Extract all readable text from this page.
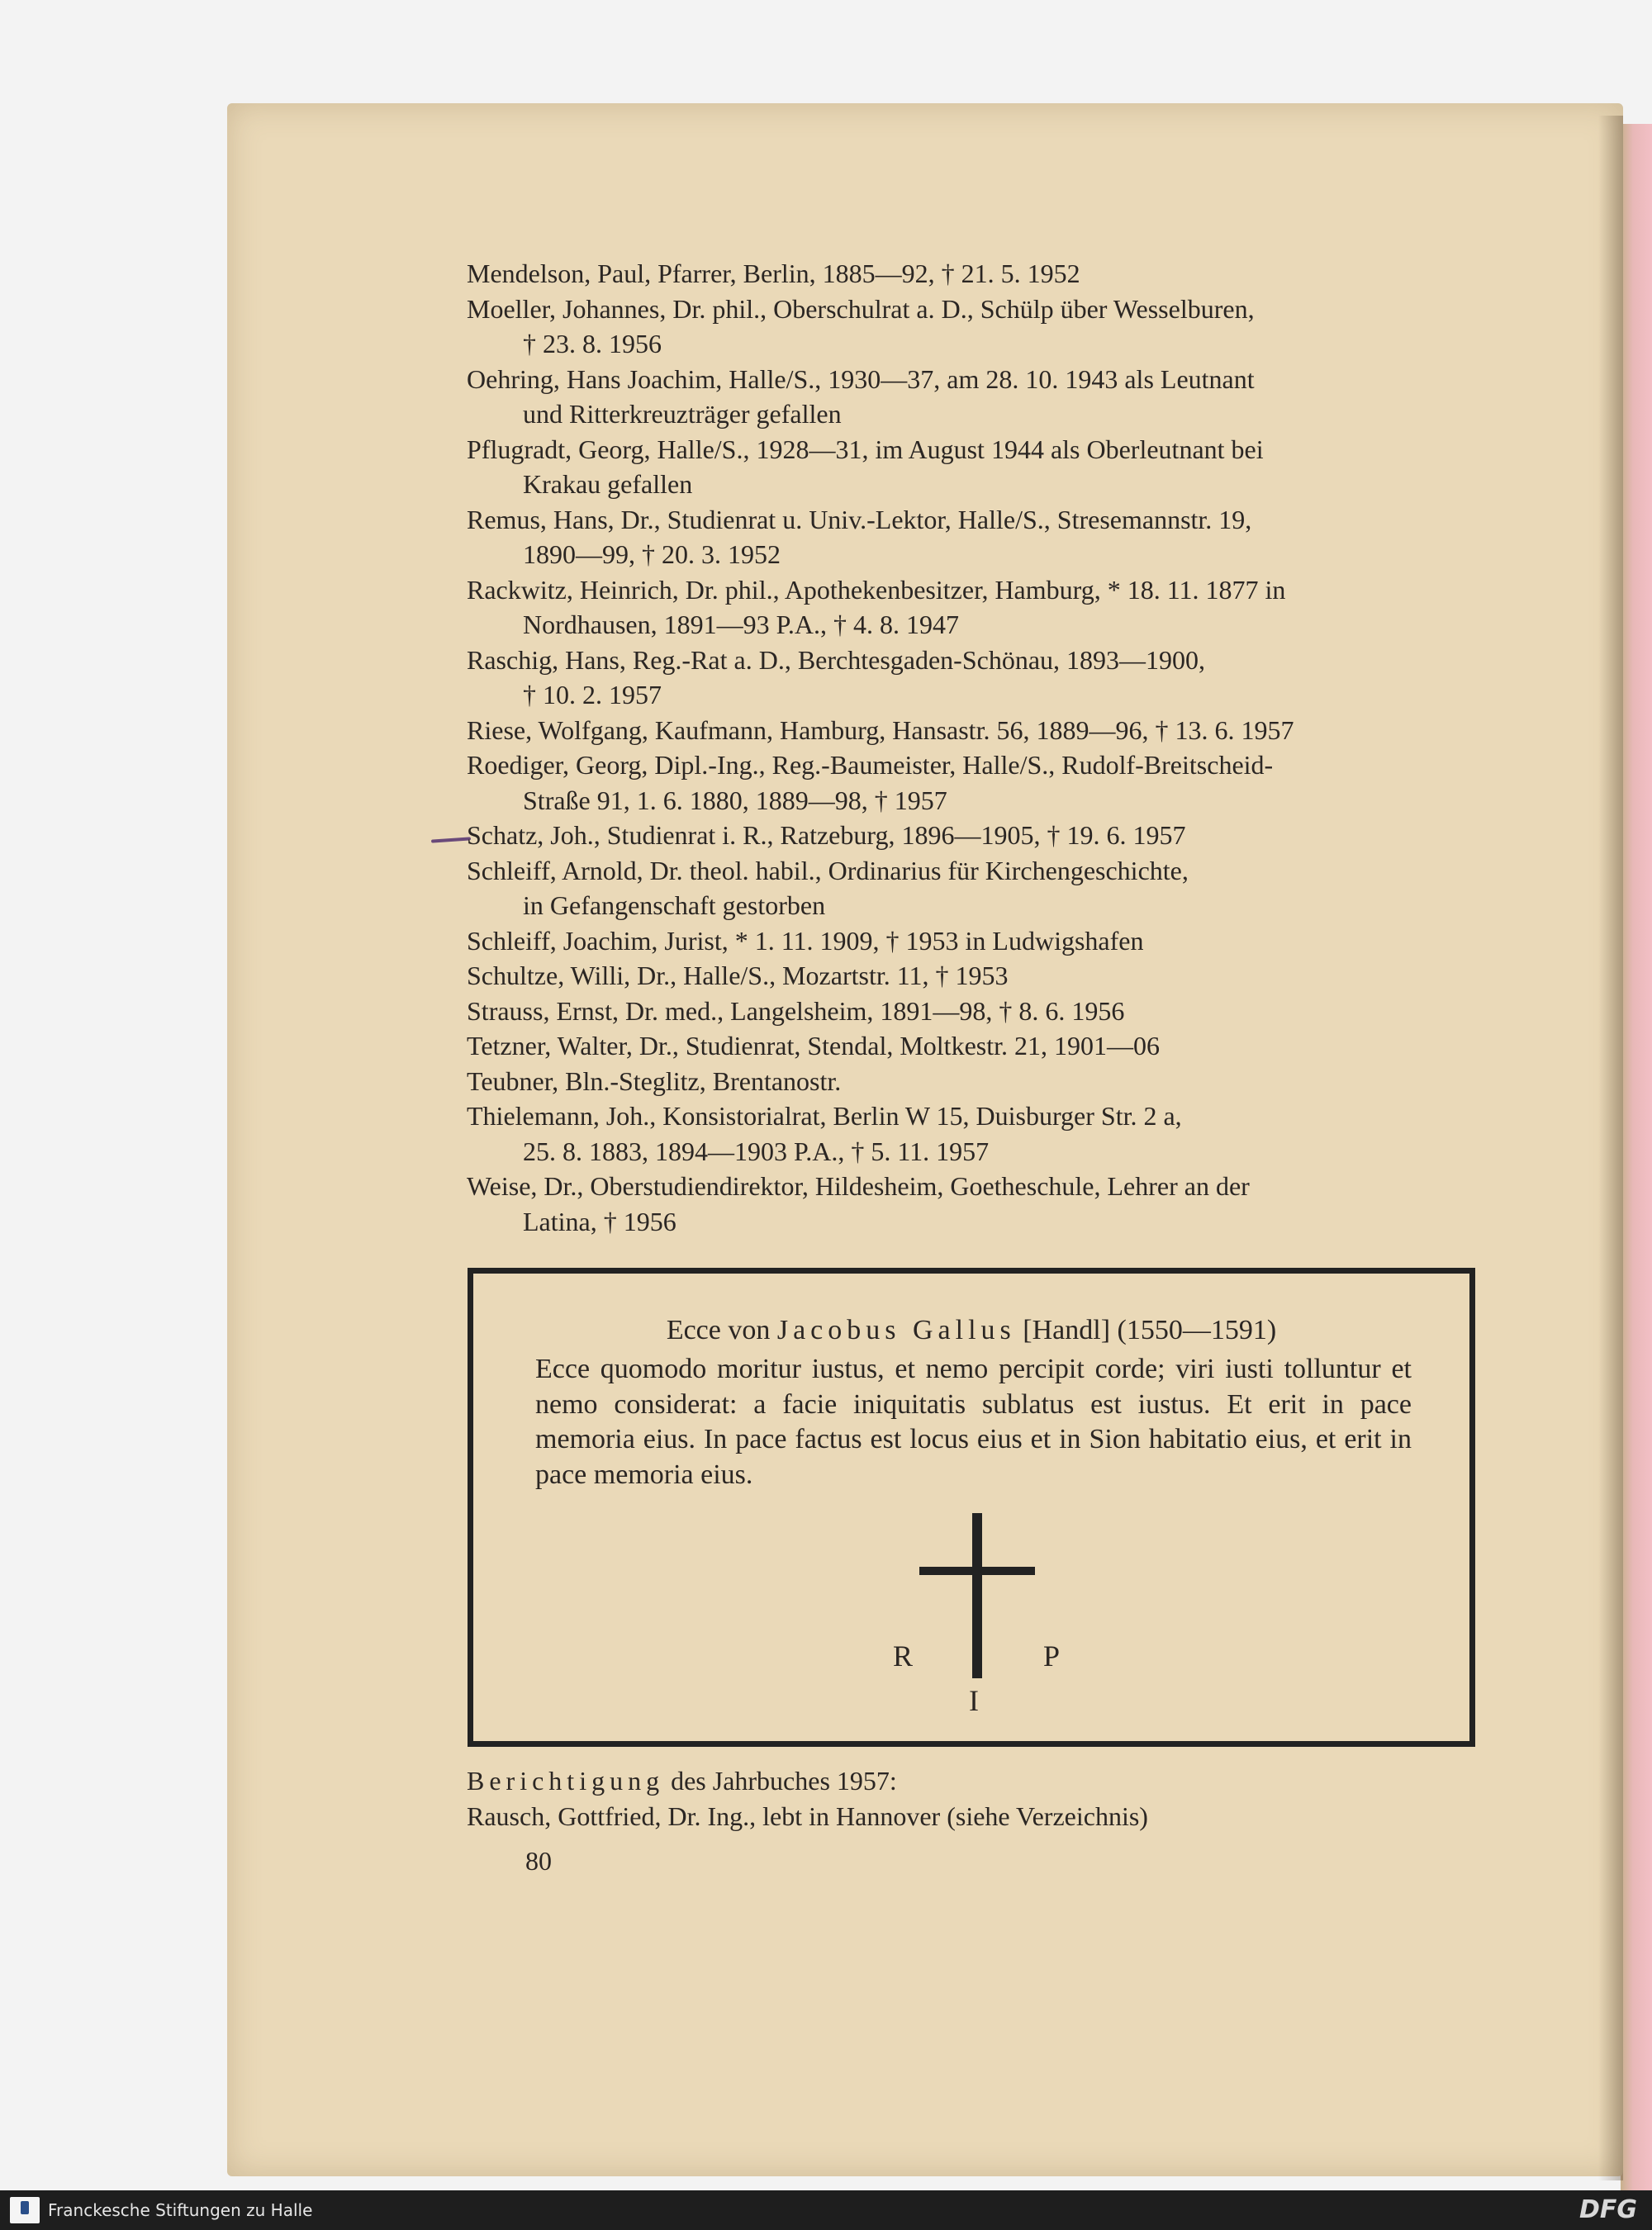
Mendelson, Paul, Pfarrer, Berlin, 1885—92, † 21. 5. 1952
Moeller, Johannes, Dr. phil., Oberschulrat a. D., Schülp über Wesselburen,
† 23. 8. 1956
Oehring, Hans Joachim, Halle/S., 1930—37, am 28. 10. 1943 als Leutnant
und Ritterkreuzträger gefallen
Pflugradt, Georg, Halle/S., 1928—31, im August 1944 als Oberleutnant bei
Krakau gefallen
Remus, Hans, Dr., Studienrat u. Univ.-Lektor, Halle/S., Stresemannstr. 19,
1890—99, † 20. 3. 1952
Rackwitz, Heinrich, Dr. phil., Apothekenbesitzer, Hamburg, * 18. 11. 1877 in
Nordhausen, 1891—93 P.A., † 4. 8. 1947
Raschig, Hans, Reg.-Rat a. D., Berchtesgaden-Schönau, 1893—1900,
† 10. 2. 1957
Riese, Wolfgang, Kaufmann, Hamburg, Hansastr. 56, 1889—96, † 13. 6. 1957
Roediger, Georg, Dipl.-Ing., Reg.-Baumeister, Halle/S., Rudolf-Breitscheid-
Straße 91, 1. 6. 1880, 1889—98, † 1957
Schatz, Joh., Studienrat i. R., Ratzeburg, 1896—1905, † 19. 6. 1957
Schleiff, Arnold, Dr. theol. habil., Ordinarius für Kirchengeschichte,
in Gefangenschaft gestorben
Schleiff, Joachim, Jurist, * 1. 11. 1909, † 1953 in Ludwigshafen
Schultze, Willi, Dr., Halle/S., Mozartstr. 11, † 1953
Strauss, Ernst, Dr. med., Langelsheim, 1891—98, † 8. 6. 1956
Tetzner, Walter, Dr., Studienrat, Stendal, Moltkestr. 21, 1901—06
Teubner, Bln.-Steglitz, Brentanostr.
Thielemann, Joh., Konsistorialrat, Berlin W 15, Duisburger Str. 2 a,
25. 8. 1883, 1894—1903 P.A., † 5. 11. 1957
Weise, Dr., Oberstudiendirektor, Hildesheim, Goetheschule, Lehrer an der
Latina, † 1956
Ecce von Jacobus Gallus [Handl] (1550—1591)
Ecce quomodo moritur iustus, et nemo percipit corde; viri iusti tolluntur et nemo considerat: a facie iniquitatis sublatus est iustus. Et erit in pace memoria eius. In pace factus est locus eius et in Sion habitatio eius, et erit in pace memoria eius.
R	P
I
Berichtigung des Jahrbuches 1957:
Rausch, Gottfried, Dr. Ing., lebt in Hannover (siehe Verzeichnis)
80
Franckesche Stiftungen zu Halle	DFG
